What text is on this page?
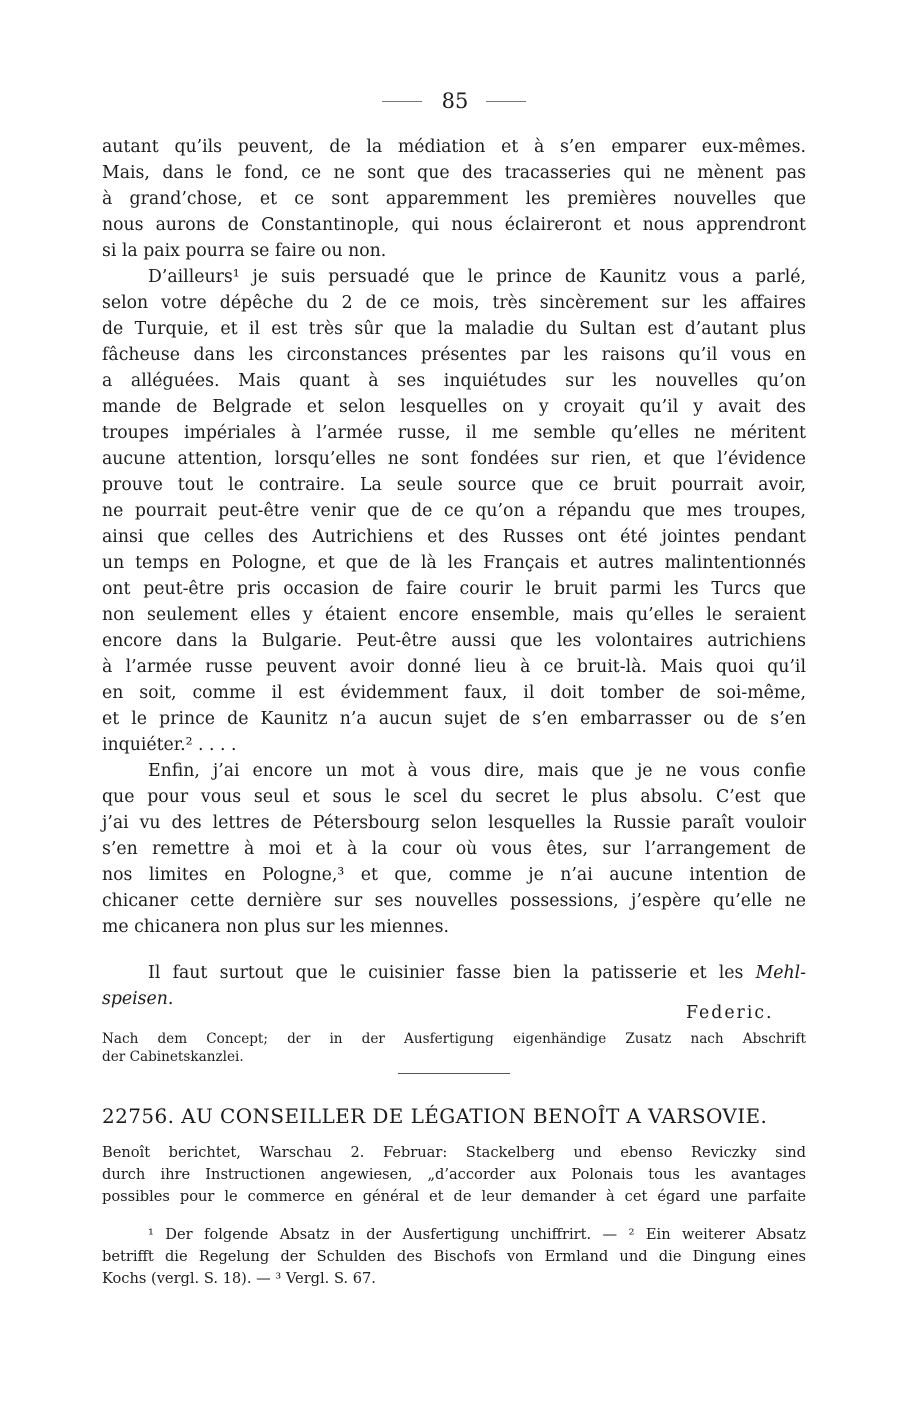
85
autant qu’ils peuvent, de la médiation et à s’en emparer eux-mêmes.
Mais, dans le fond, ce ne sont que des tracasseries qui ne mènent pas
à grand’chose, et ce sont apparemment les premières nouvelles que
nous aurons de Constantinople, qui nous éclaireront et nous apprendront
si la paix pourra se faire ou non.
D’ailleurs¹ je suis persuadé que le prince de Kaunitz vous a parlé,
selon votre dépêche du 2 de ce mois, très sincèrement sur les affaires
de Turquie, et il est très sûr que la maladie du Sultan est d’autant plus
fâcheuse dans les circonstances présentes par les raisons qu’il vous en
a alléguées. Mais quant à ses inquiétudes sur les nouvelles qu’on
mande de Belgrade et selon lesquelles on y croyait qu’il y avait des
troupes impériales à l’armée russe, il me semble qu’elles ne méritent
aucune attention, lorsqu’elles ne sont fondées sur rien, et que l’évidence
prouve tout le contraire. La seule source que ce bruit pourrait avoir,
ne pourrait peut-être venir que de ce qu’on a répandu que mes troupes,
ainsi que celles des Autrichiens et des Russes ont été jointes pendant
un temps en Pologne, et que de là les Français et autres malintentionnés
ont peut-être pris occasion de faire courir le bruit parmi les Turcs que
non seulement elles y étaient encore ensemble, mais qu’elles le seraient
encore dans la Bulgarie. Peut-être aussi que les volontaires autrichiens
à l’armée russe peuvent avoir donné lieu à ce bruit-là. Mais quoi qu’il
en soit, comme il est évidemment faux, il doit tomber de soi-même,
et le prince de Kaunitz n’a aucun sujet de s’en embarrasser ou de s’en
inquiéter.² . . . .
Enfin, j’ai encore un mot à vous dire, mais que je ne vous confie
que pour vous seul et sous le scel du secret le plus absolu. C’est que
j’ai vu des lettres de Pétersbourg selon lesquelles la Russie paraît vouloir
s’en remettre à moi et à la cour où vous êtes, sur l’arrangement de
nos limites en Pologne,³ et que, comme je n’ai aucune intention de
chicaner cette dernière sur ses nouvelles possessions, j’espère qu’elle ne
me chicanera non plus sur les miennes.
Il faut surtout que le cuisinier fasse bien la patisserie et les Mehl-
speisen.
Federic.
Nach dem Concept; der in der Ausfertigung eigenhändige Zusatz nach Abschrift
der Cabinetskanzlei.
22756. AU CONSEILLER DE LÉGATION BENOÎT A VARSOVIE.
Benoît berichtet, Warschau 2. Februar: Stackelberg und ebenso Reviczky sind
durch ihre Instructionen angewiesen, „d’accorder aux Polonais tous les avantages
possibles pour le commerce en général et de leur demander à cet égard une parfaite
¹ Der folgende Absatz in der Ausfertigung unchiffrirt. — ² Ein weiterer Absatz
betrifft die Regelung der Schulden des Bischofs von Ermland und die Dingung eines
Kochs (vergl. S. 18). — ³ Vergl. S. 67.
